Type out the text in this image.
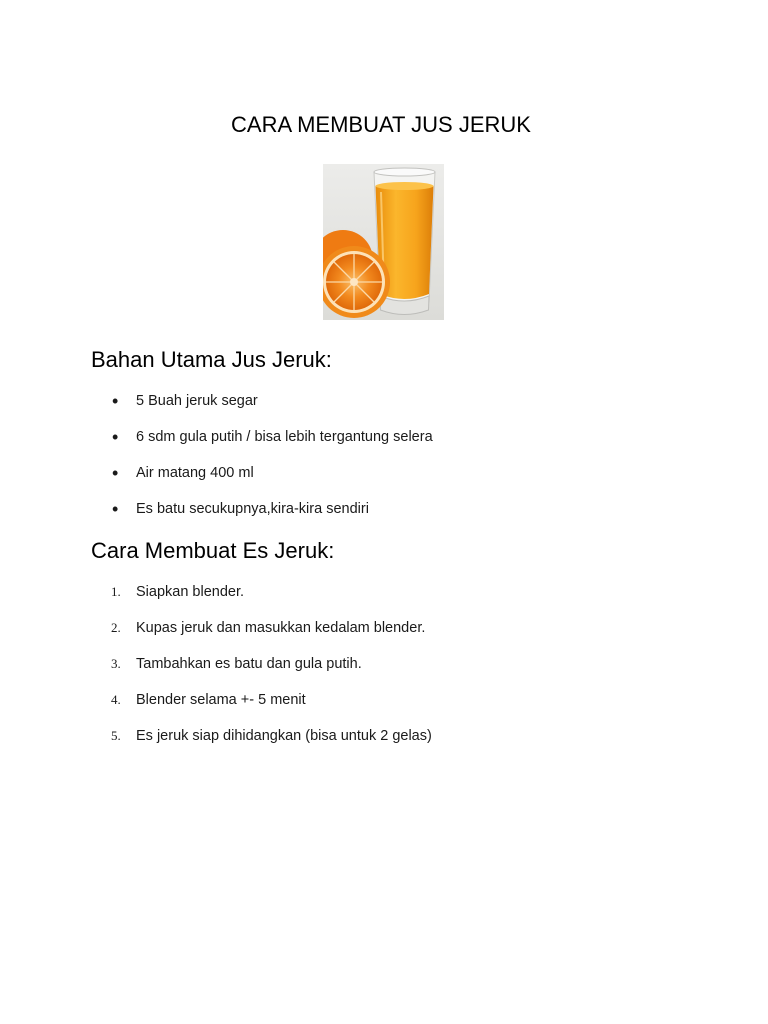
CARA MEMBUAT JUS JERUK
Bahan Utama Jus Jeruk:
•	5 Buah jeruk segar
•	6 sdm gula putih / bisa lebih tergantung selera
•	Air matang 400 ml
•	Es batu secukupnya,kira-kira sendiri
Cara Membuat Es Jeruk:
1.	Siapkan blender.
2.	Kupas jeruk dan masukkan kedalam blender.
3.	Tambahkan es batu dan gula putih.
4.	Blender selama +- 5 menit
5.	Es jeruk siap dihidangkan (bisa untuk 2 gelas)
